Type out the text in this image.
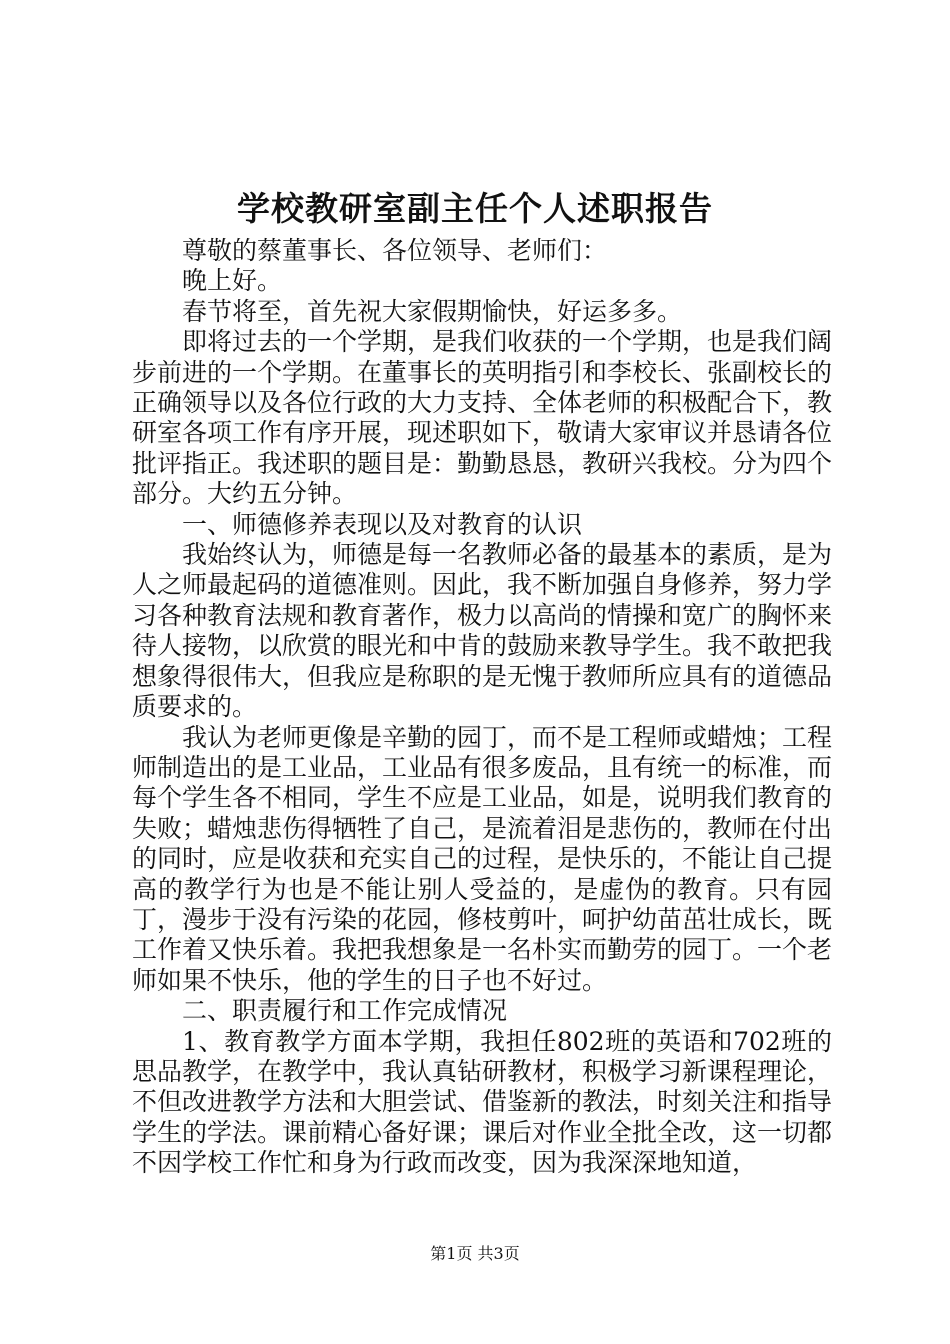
学校教研室副主任个人述职报告

尊敬的蔡董事长、各位领导、老师们：

晚上好。

春节将至，首先祝大家假期愉快，好运多多。

即将过去的一个学期，是我们收获的一个学期，也是我们阔步前进的一个学期。在董事长的英明指引和李校长、张副校长的正确领导以及各位行政的大力支持、全体老师的积极配合下，教研室各项工作有序开展，现述职如下，敬请大家审议并恳请各位批评指正。我述职的题目是：勤勤恳恳，教研兴我校。分为四个部分。大约五分钟。

一、师德修养表现以及对教育的认识

我始终认为，师德是每一名教师必备的最基本的素质，是为人之师最起码的道德准则。因此，我不断加强自身修养，努力学习各种教育法规和教育著作，极力以高尚的情操和宽广的胸怀来待人接物，以欣赏的眼光和中肯的鼓励来教导学生。我不敢把我想象得很伟大，但我应是称职的是无愧于教师所应具有的道德品质要求的。

我认为老师更像是辛勤的园丁，而不是工程师或蜡烛；工程师制造出的是工业品，工业品有很多废品，且有统一的标准，而每个学生各不相同，学生不应是工业品，如是，说明我们教育的失败；蜡烛悲伤得牺牲了自己，是流着泪是悲伤的，教师在付出的同时，应是收获和充实自己的过程，是快乐的，不能让自己提高的教学行为也是不能让别人受益的，是虚伪的教育。只有园丁，漫步于没有污染的花园，修枝剪叶，呵护幼苗茁壮成长，既工作着又快乐着。我把我想象是一名朴实而勤劳的园丁。一个老师如果不快乐，他的学生的日子也不好过。

二、职责履行和工作完成情况

1、教育教学方面本学期，我担任802班的英语和702班的思品教学，在教学中，我认真钻研教材，积极学习新课程理论，不但改进教学方法和大胆尝试、借鉴新的教法，时刻关注和指导学生的学法。课前精心备好课；课后对作业全批全改，这一切都不因学校工作忙和身为行政而改变，因为我深深地知道，

第1页 共3页
